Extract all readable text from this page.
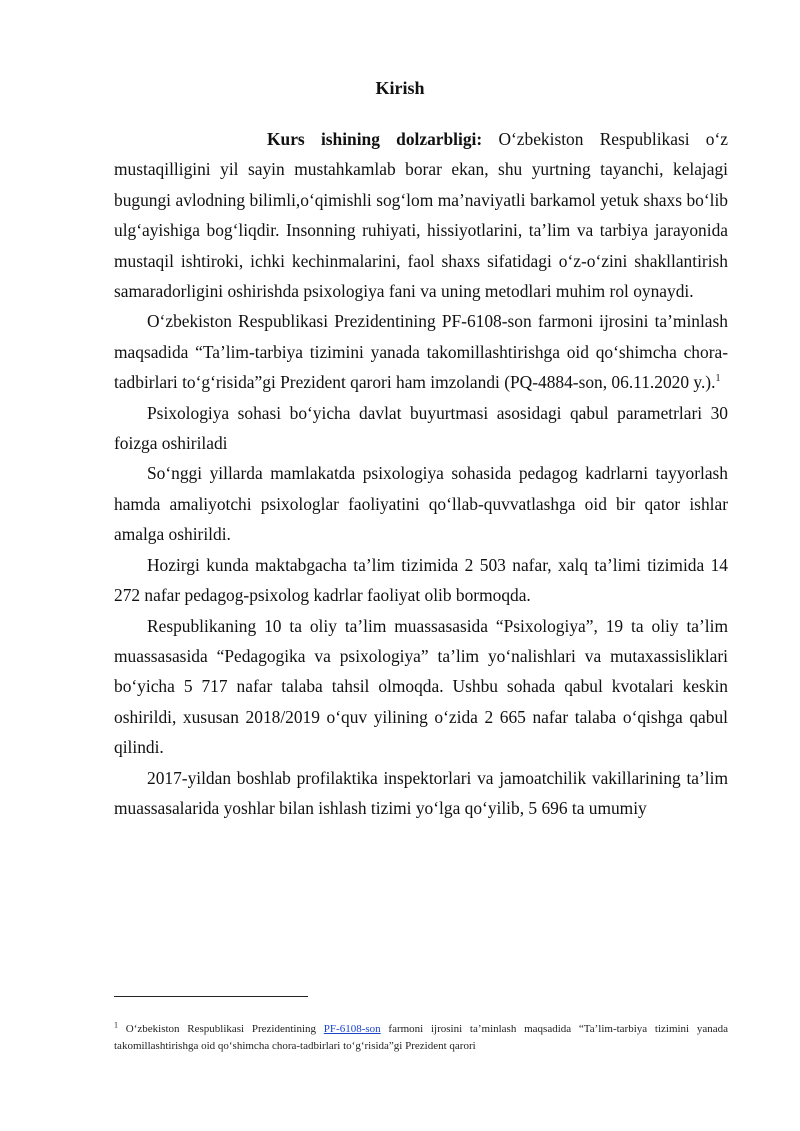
Kirish

Kurs ishining dolzarbligi: O‘zbekiston Respublikasi o‘z mustaqilligini yil sayin mustahkamlab borar ekan, shu yurtning tayanchi, kelajagi bugungi avlodning bilimli,o‘qimishli sog‘lom ma’naviyatli barkamol yetuk shaxs bo‘lib ulg‘ayishiga bog‘liqdir. Insonning ruhiyati, hissiyotlarini, ta’lim va tarbiya jarayonida mustaqil ishtiroki, ichki kechinmalarini, faol shaxs sifatidagi o‘z-o‘zini shakllantirish samaradorligini oshirishda psixologiya fani va uning metodlari muhim rol oynaydi.

O‘zbekiston Respublikasi Prezidentining PF-6108-son farmoni ijrosini ta’minlash maqsadida “Ta’lim-tarbiya tizimini yanada takomillashtirishga oid qo‘shimcha chora-tadbirlari to‘g‘risida”gi Prezident qarori ham imzolandi (PQ-4884-son, 06.11.2020 y.).$^1$

Psixologiya sohasi bo‘yicha davlat buyurtmasi asosidagi qabul parametrlari 30 foizga oshiriladi

So‘nggi yillarda mamlakatda psixologiya sohasida pedagog kadrlarni tayyorlash hamda amaliyotchi psixologlar faoliyatini qo‘llab-quvvatlashga oid bir qator ishlar amalga oshirildi.

Hozirgi kunda maktabgacha ta’lim tizimida 2 503 nafar, xalq ta’limi tizimida 14 272 nafar pedagog-psixolog kadrlar faoliyat olib bormoqda.

Respublikaning 10 ta oliy ta’lim muassasasida “Psixologiya”, 19 ta oliy ta’lim muassasasida “Pedagogika va psixologiya” ta’lim yo‘nalishlari va mutaxassisliklari bo‘yicha 5 717 nafar talaba tahsil olmoqda. Ushbu sohada qabul kvotalari keskin oshirildi, xususan 2018/2019 o‘quv yilining o‘zida 2 665 nafar talaba o‘qishga qabul qilindi.

2017-yildan boshlab profilaktika inspektorlari va jamoatchilik vakillarining ta’lim muassasalarida yoshlar bilan ishlash tizimi yo‘lga qo‘yilib, 5 696 ta umumiy

$^1$ O‘zbekiston Respublikasi Prezidentining PF-6108-son farmoni ijrosini ta’minlash maqsadida “Ta’lim-tarbiya tizimini yanada takomillashtirishga oid qo‘shimcha chora-tadbirlari to‘g‘risida”gi Prezident qarori
